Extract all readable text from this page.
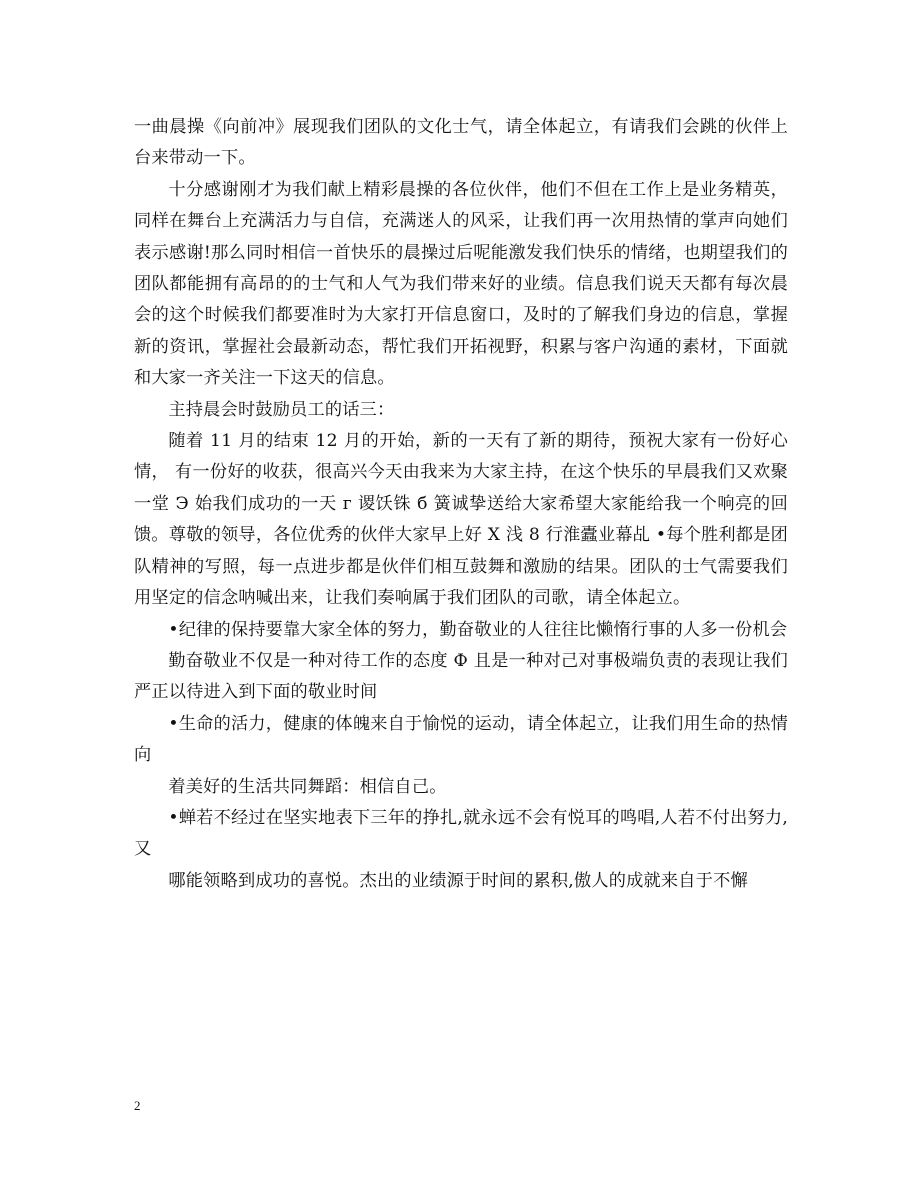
一曲晨操《向前冲》展现我们团队的文化士气，请全体起立，有请我们会跳的伙伴上台来带动一下。

十分感谢刚才为我们献上精彩晨操的各位伙伴，他们不但在工作上是业务精英，同样在舞台上充满活力与自信，充满迷人的风采，让我们再一次用热情的掌声向她们表示感谢!那么同时相信一首快乐的晨操过后呢能激发我们快乐的情绪，也期望我们的团队都能拥有高昂的的士气和人气为我们带来好的业绩。信息我们说天天都有每次晨会的这个时候我们都要准时为大家打开信息窗口，及时的了解我们身边的信息，掌握新的资讯，掌握社会最新动态，帮忙我们开拓视野，积累与客户沟通的素材，下面就和大家一齐关注一下这天的信息。

主持晨会时鼓励员工的话三：

随着 11 月的结束 12 月的开始，新的一天有了新的期待，预祝大家有一份好心情， 有一份好的收获，很高兴今天由我来为大家主持，在这个快乐的早晨我们又欢聚一堂 Э 始我们成功的一天 г 谡饫铢 б 簧诚挚送给大家希望大家能给我一个响亮的回馈。尊敬的领导，各位优秀的伙伴大家早上好 Х 浅 8 行淮蠹业幕乩 •每个胜利都是团队精神的写照，每一点进步都是伙伴们相互鼓舞和激励的结果。团队的士气需要我们用坚定的信念呐喊出来，让我们奏响属于我们团队的司歌，请全体起立。

•纪律的保持要靠大家全体的努力，勤奋敬业的人往往比懒惰行事的人多一份机会

勤奋敬业不仅是一种对待工作的态度 Ф 且是一种对己对事极端负责的表现让我们严正以待进入到下面的敬业时间

•生命的活力，健康的体魄来自于愉悦的运动，请全体起立，让我们用生命的热情向

着美好的生活共同舞蹈：相信自己。

•蝉若不经过在坚实地表下三年的挣扎,就永远不会有悦耳的鸣唱,人若不付出努力,又

哪能领略到成功的喜悦。杰出的业绩源于时间的累积,傲人的成就来自于不懈

2
